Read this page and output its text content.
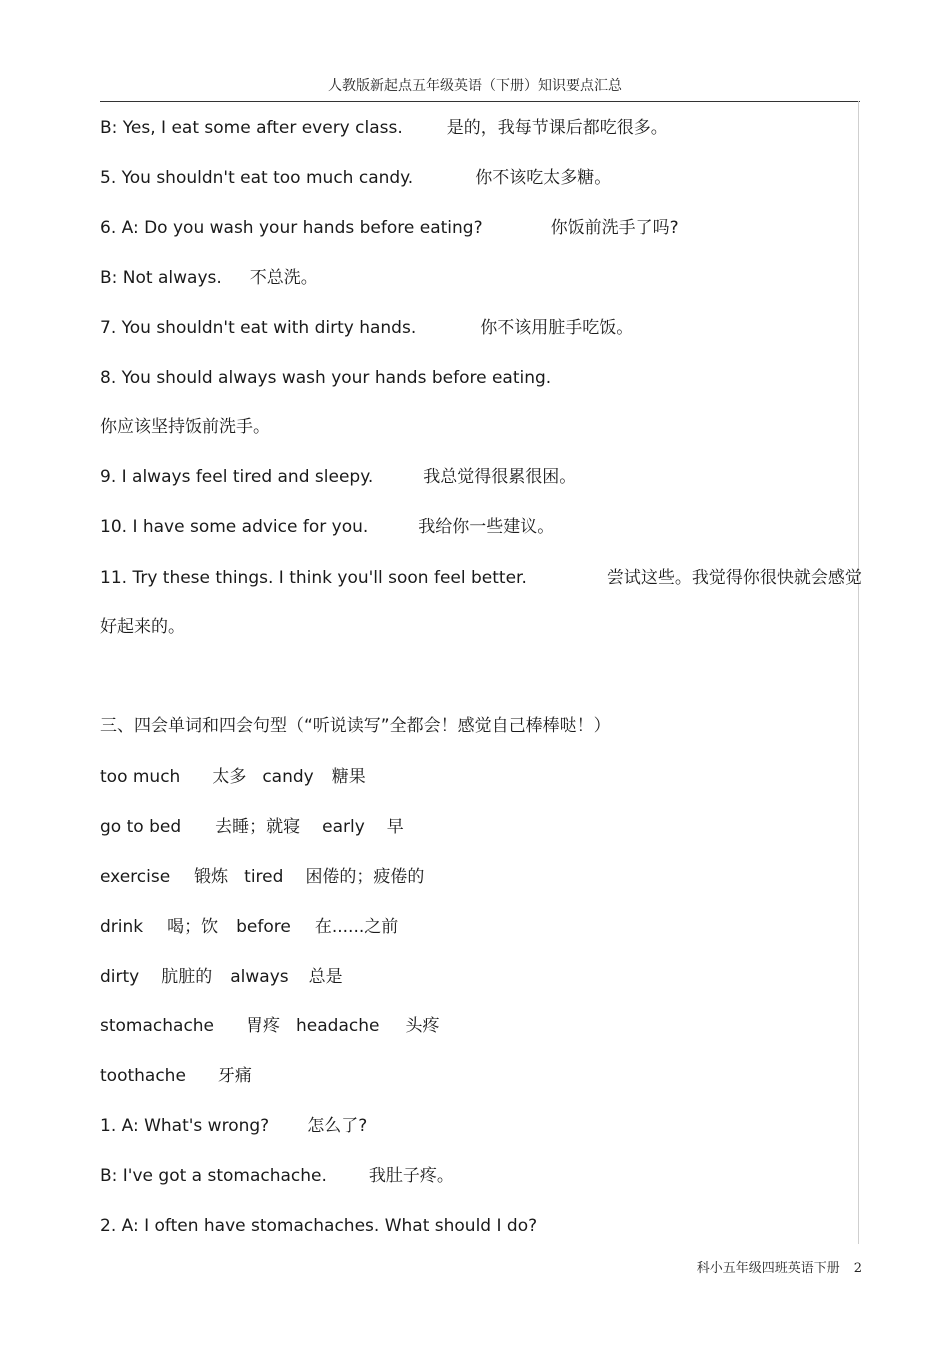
人教版新起点五年级英语（下册）知识要点汇总
B: Yes, I eat some after every class.	是的，我每节课后都吃很多。
5. You shouldn't eat too much candy.	你不该吃太多糖。
6. A: Do you wash your hands before eating?	你饭前洗手了吗?
B: Not always. 不总洗。
7. You shouldn't eat with dirty hands.	你不该用脏手吃饭。
8. You should always wash your hands before eating.
你应该坚持饭前洗手。
9. I always feel tired and sleepy.	我总觉得很累很困。
10. I have some advice for you.	我给你一些建议。
11. Try these things. I think you'll soon feel better.	尝试这些。我觉得你很快就会感觉
好起来的。
三、四会单词和四会句型（“听说读写”全都会！感觉自己棒棒哒！）
too much 太多 candy 糖果
go to bed 去睡；就寝 early 早
exercise 锻炼 tired 困倦的；疲倦的
drink 喝；饮 before 在......之前
dirty 肮脏的 always 总是
stomachache 胃疼 headache 头疼
toothache 牙痛
1. A: What's wrong? 怎么了?
B: I've got a stomachache. 我肚子疼。
2. A: I often have stomachaches. What should I do?
科小五年级四班英语下册 2
